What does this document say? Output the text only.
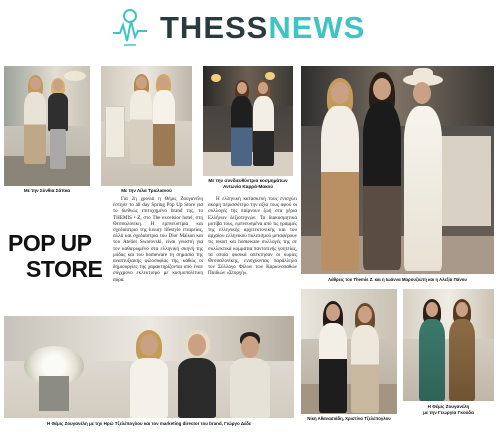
THESSNEWS
Με την Σύνθια Σάπκα	Με την Λίλα Τριελιανού
Με την συνδιευθύντρια κοσμημάτων
Αντωνία Καρρά-Μακού
Λάθρεις του Themis Z. και η Ιωάννα Μαρουζιώτη και η Αλεξία Πάνου
POP UP
STORE

Για 2η χρονιά η Θέμις Ζουγανέλη έστησε το all day Spring Pop Up Store για το διεθνώς επιτυχημένο brand της, το THEMIS • Z, στο The excelsior hotel, στη Θεσσαλονίκη. Η εμπνεύστρια και σχεδιάστρια της luxury lifestyle εταιρείας, αλλά και σχεδιάστρια του Dior Maison και του Atelier Swarovski, είναι γνωστή για τον καθιερωμένο στα ελληνική σκηνή της μόδας και του homeware τη σημασία της αναπτυξιακής φιλοσοφίας της, καθώς οι δημιουργίες της χαρακτηρίζονται από έναν σύγχρονο εκλεκτισμό με κοσμοπολίτικη αύρα.

Η ελληνική κατασκευή τους ενισχύει ακόμη περισσότερο την αξία τους αφού οι συλλογές της παίρνουν ζωή στα χέρια Ελλήνων δεξιοτεχνών. Τα διακοσμητικά μοτίβα τους, εμπνευσμένα από τις γραμμές της ελληνικής αρχιτεκτονικής και του αρχαίου ελληνικού πολιτισμού μεταφέρουν τις resort και homeware συλλογές της σε συλλεκτικά κομμάτια παντοτινής γοητείας, τα οποία φυσικά απέκτησαν οι κυρίες Θεσσαλονίκης, ενισχύοντας παράλληλα τον Σύλλογο Φίλων των Καρκινοπαθών Παιδιών «Στοργή».

Η Θέμις Ζουγανέλη με την Ηρώ Τζελέπογλου και τον marketing director του brand, Γιώργο Δέδε
Νίκη Αθανασιάδη, Χριστίνα Τζελέπογλου
Η Θέμις Ζουγανέλη
με την Γεωργία Γκούδα
